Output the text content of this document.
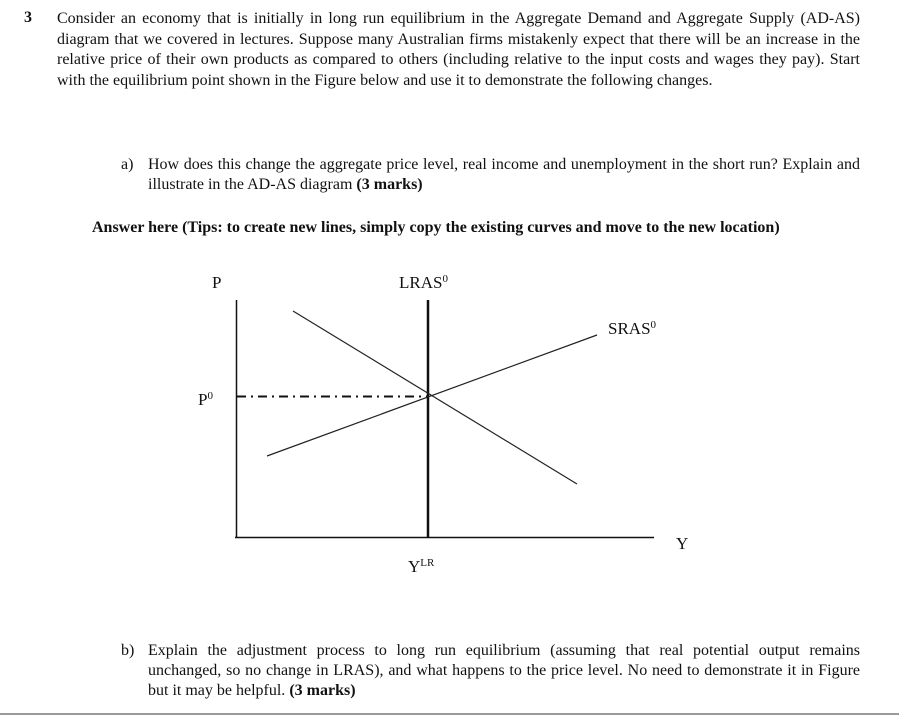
3 Consider an economy that is initially in long run equilibrium in the Aggregate Demand and Aggregate Supply (AD-AS) diagram that we covered in lectures. Suppose many Australian firms mistakenly expect that there will be an increase in the relative price of their own products as compared to others (including relative to the input costs and wages they pay). Start with the equilibrium point shown in the Figure below and use it to demonstrate the following changes.
a) How does this change the aggregate price level, real income and unemployment in the short run? Explain and illustrate in the AD-AS diagram (3 marks)
Answer here (Tips: to create new lines, simply copy the existing curves and move to the new location)
P	LRAS$^0$
SRAS$^0$
$P^0$
Y
$Y^{LR}$
b) Explain the adjustment process to long run equilibrium (assuming that real potential output remains unchanged, so no change in LRAS), and what happens to the price level. No need to demonstrate it in Figure but it may be helpful. (3 marks)
